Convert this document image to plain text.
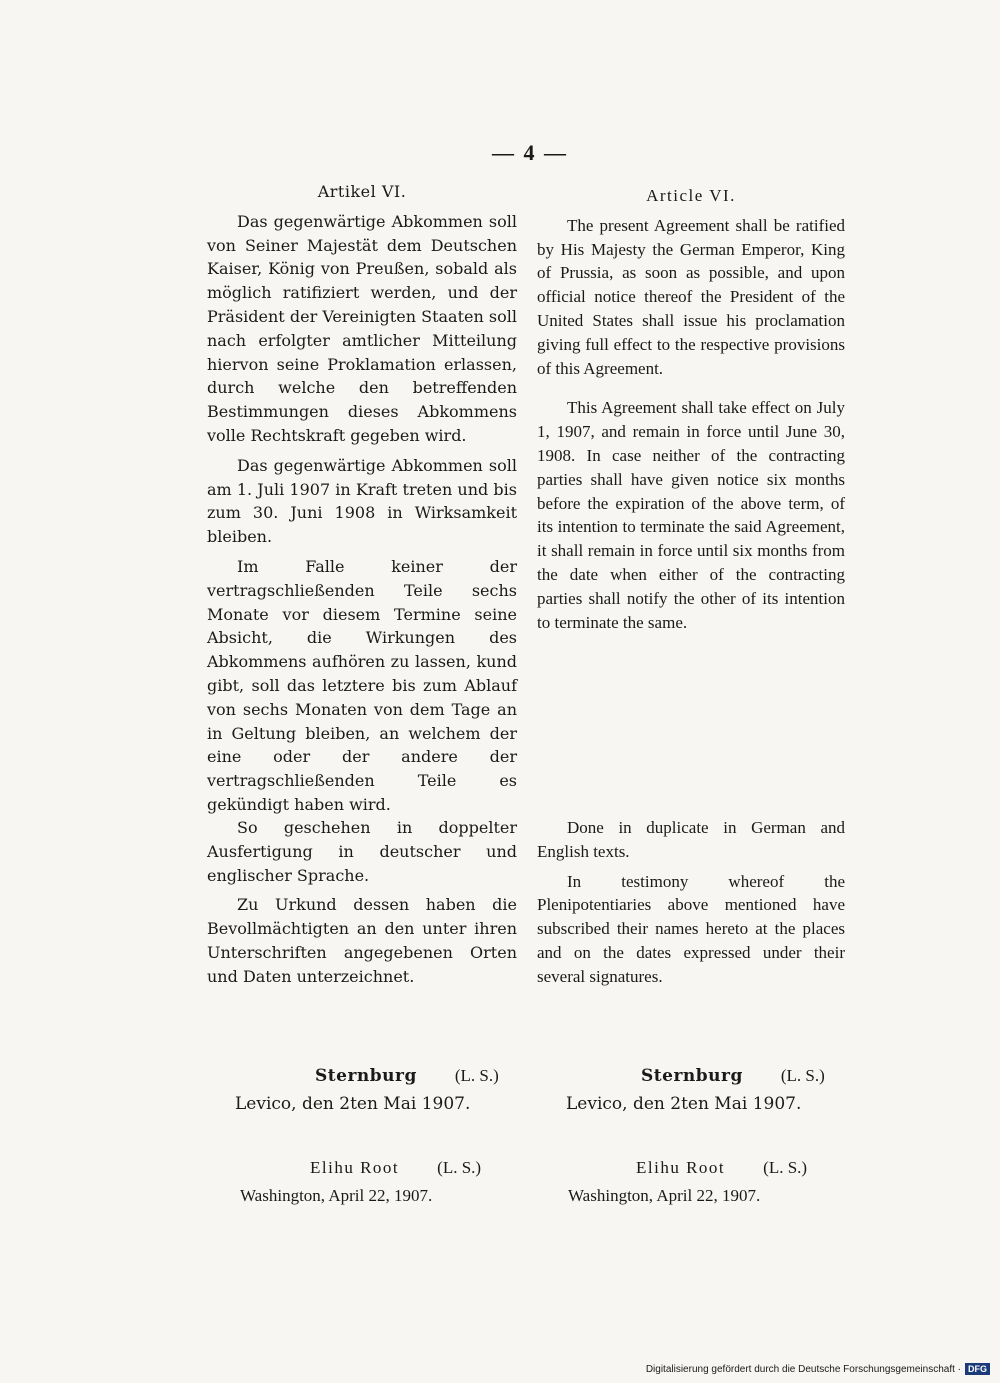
— 4 —
Artikel VI.

Das gegenwärtige Abkommen soll von Seiner Majestät dem Deutschen Kaiser, König von Preußen, sobald als möglich ratifiziert werden, und der Präsident der Vereinigten Staaten soll nach erfolgter amtlicher Mitteilung hiervon seine Proklamation erlassen, durch welche den betreffenden Bestimmungen dieses Abkommens volle Rechtskraft gegeben wird.

Das gegenwärtige Abkommen soll am 1. Juli 1907 in Kraft treten und bis zum 30. Juni 1908 in Wirksamkeit bleiben.

Im Falle keiner der vertragschließenden Teile sechs Monate vor diesem Termine seine Absicht, die Wirkungen des Abkommens aufhören zu lassen, kund gibt, soll das letztere bis zum Ablauf von sechs Monaten von dem Tage an in Geltung bleiben, an welchem der eine oder der andere der vertragschließenden Teile es gekündigt haben wird.

Article VI.

The present Agreement shall be ratified by His Majesty the German Emperor, King of Prussia, as soon as possible, and upon official notice thereof the President of the United States shall issue his proclamation giving full effect to the respective provisions of this Agreement.

This Agreement shall take effect on July 1, 1907, and remain in force until June 30, 1908. In case neither of the contracting parties shall have given notice six months before the expiration of the above term, of its intention to terminate the said Agreement, it shall remain in force until six months from the date when either of the contracting parties shall notify the other of its intention to terminate the same.

So geschehen in doppelter Ausfertigung in deutscher und englischer Sprache.

Zu Urkund dessen haben die Bevollmächtigten an den unter ihren Unterschriften angegebenen Orten und Daten unterzeichnet.

Done in duplicate in German and English texts.

In testimony whereof the Plenipotentiaries above mentioned have subscribed their names hereto at the places and on the dates expressed under their several signatures.

Sternburg (L. S.)
Levico, den 2ten Mai 1907.
Elihu Root (L. S.)
Washington, April 22, 1907.
Sternburg (L. S.)
Levico, den 2ten Mai 1907.
Elihu Root (L. S.)
Washington, April 22, 1907.
Digitalisierung gefördert durch die Deutsche Forschungsgemeinschaft · DFG
